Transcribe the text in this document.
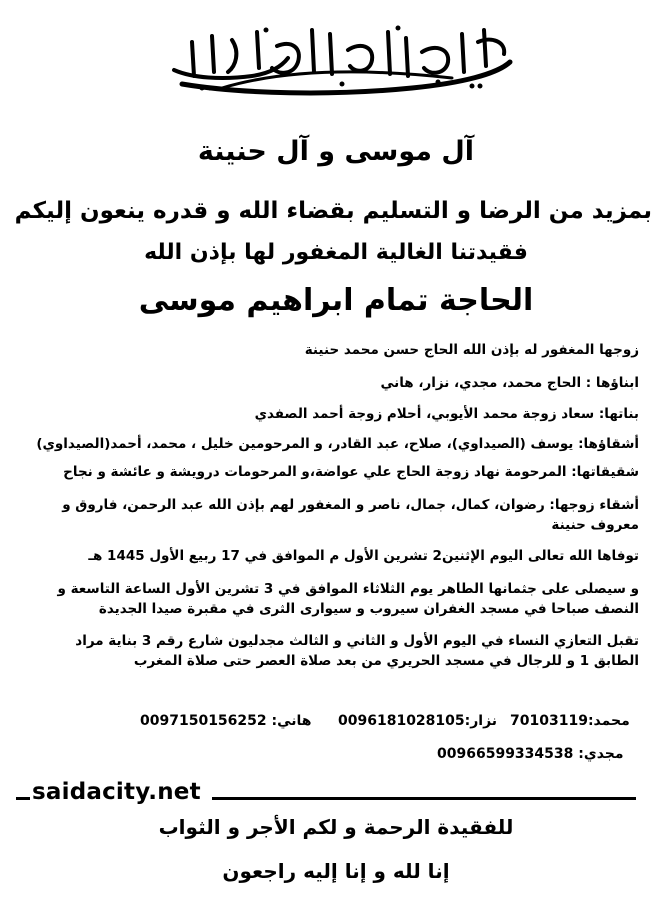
آل موسى و آل حنينة
بمزيد من الرضا و التسليم بقضاء الله و قدره ينعون إليكم
فقيدتنا الغالية المغفور لها بإذن الله
الحاجة تمام ابراهيم موسى
زوجها المغفور له بإذن الله الحاج حسن محمد حنينة
ابناؤها : الحاج محمد، مجدي، نزار، هاني
بناتها: سعاد زوجة محمد الأيوبي، أحلام زوجة أحمد الصفدي
أشقاؤها: يوسف (الصيداوي)، صلاح، عبد القادر، و المرحومين خليل ، محمد، أحمد(الصيداوي)
شقيقاتها: المرحومة نهاد زوجة الحاج علي عواضة،و المرحومات درويشة و عائشة و نجاح
أشقاء زوجها: رضوان، كمال، جمال، ناصر و المغفور لهم بإذن الله عبد الرحمن، فاروق و معروف حنينة
توفاها الله تعالى اليوم الإثنين2 تشرين الأول م الموافق في 17 ربيع الأول 1445 هـ
و سيصلى على جثمانها الطاهر يوم الثلاثاء الموافق في 3 تشرين الأول الساعة التاسعة و النصف صباحا في مسجد الغفران سيروب و سيوارى الثرى في مقبرة صيدا الجديدة
تقبل التعازي النساء في اليوم الأول و الثاني و الثالث مجدليون شارع رقم 3 بناية مراد الطابق 1 و للرجال في مسجد الحريري من بعد صلاة العصر حتى صلاة المغرب
محمد:70103119
نزار:0096181028105
هاني: 0097150156252
مجدي: 00966599334538
saidacity.net
للفقيدة الرحمة و لكم الأجر و الثواب
إنا لله و إنا إليه راجعون
